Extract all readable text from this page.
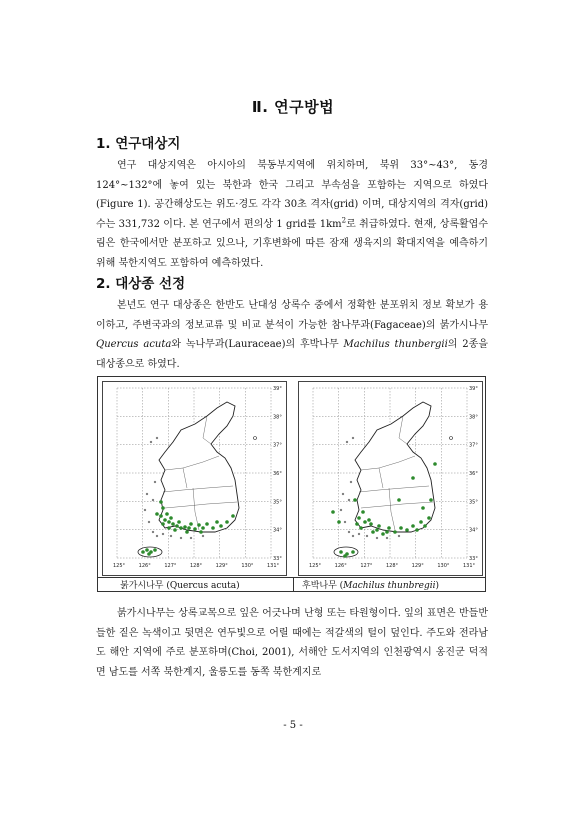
Ⅱ. 연구방법
1. 연구대상지

연구 대상지역은 아시아의 북동부지역에 위치하며, 북위 33°~43°, 동경 124°~132°에 놓여 있는 북한과 한국 그리고 부속섬을 포함하는 지역으로 하였다(Figure 1). 공간해상도는 위도·경도 각각 30초 격자(grid) 이며, 대상지역의 격자(grid)수는 331,732 이다. 본 연구에서 편의상 1 grid를 $1km^2$로 취급하였다. 현재, 상록활엽수림은 한국에서만 분포하고 있으나, 기후변화에 따른 잠재 생육지의 확대지역을 예측하기 위해 북한지역도 포함하여 예측하였다.

2. 대상종 선정

본년도 연구 대상종은 한반도 난대성 상록수 중에서 정확한 분포위치 정보 확보가 용이하고, 주변국과의 정보교류 및 비교 분석이 가능한 참나무과(Fagaceae)의 붉가시나무 Quercus acuta와 녹나무과(Lauraceae)의 후박나무 Machilus thunbergii의 2종을 대상종으로 하였다.

39°
38°
37°
36°
35°
34°
33°
125°	126°	127°	128°	129°	130°	131°
39°
38°
37°
36°
35°
34°
33°
125°	126°	127°	128°	129°	130°	131°
붉가시나무 (Quercus acuta)	후박나무 (Machilus thunbregii)

붉가시나무는 상록교목으로 잎은 어긋나며 난형 또는 타원형이다. 잎의 표면은 반들반들한 짙은 녹색이고 뒷면은 연두빛으로 어릴 때에는 적갈색의 털이 덮인다. 주도와 전라남도 해안 지역에 주로 분포하며(Choi, 2001), 서해안 도서지역의 인천광역시 옹진군 덕적면 남도를 서쪽 북한계지, 울릉도를 동쪽 북한계지로

- 5 -
